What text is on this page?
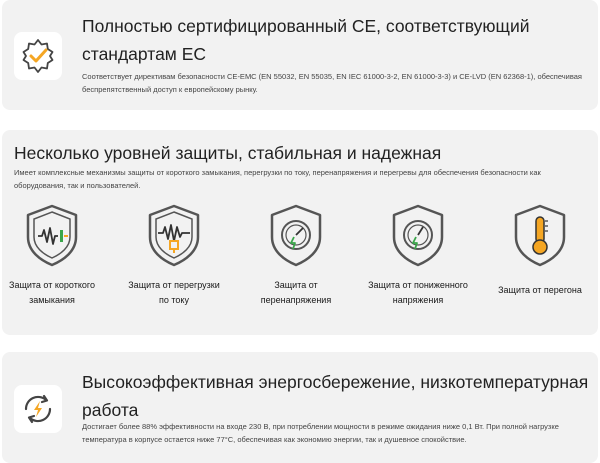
Полностью сертифицированный CE, соответствующий стандартам ЕС
Соответствует директивам безопасности CE-EMC (EN 55032, EN 55035, EN IEC 61000-3-2, EN 61000-3-3) и CE-LVD (EN 62368-1), обеспечивая беспрепятственный доступ к европейскому рынку.
Несколько уровней защиты, стабильная и надежная
Имеет комплексные механизмы защиты от короткого замыкания, перегрузки по току, перенапряжения и перегревы для обеспечения безопасности как оборудования, так и пользователей.
Защита от короткого замыкания
Защита от перегрузки по току
Защита от перенапряжения
Защита от пониженного напряжения
Защита от перегона
Высокоэффективная энергосбережение, низкотемпературная работа
Достигает более 88% эффективности на входе 230 В, при потреблении мощности в режиме ожидания ниже 0,1 Вт. При полной нагрузке температура в корпусе остается ниже 77°C, обеспечивая как экономию энергии, так и душевное спокойствие.
